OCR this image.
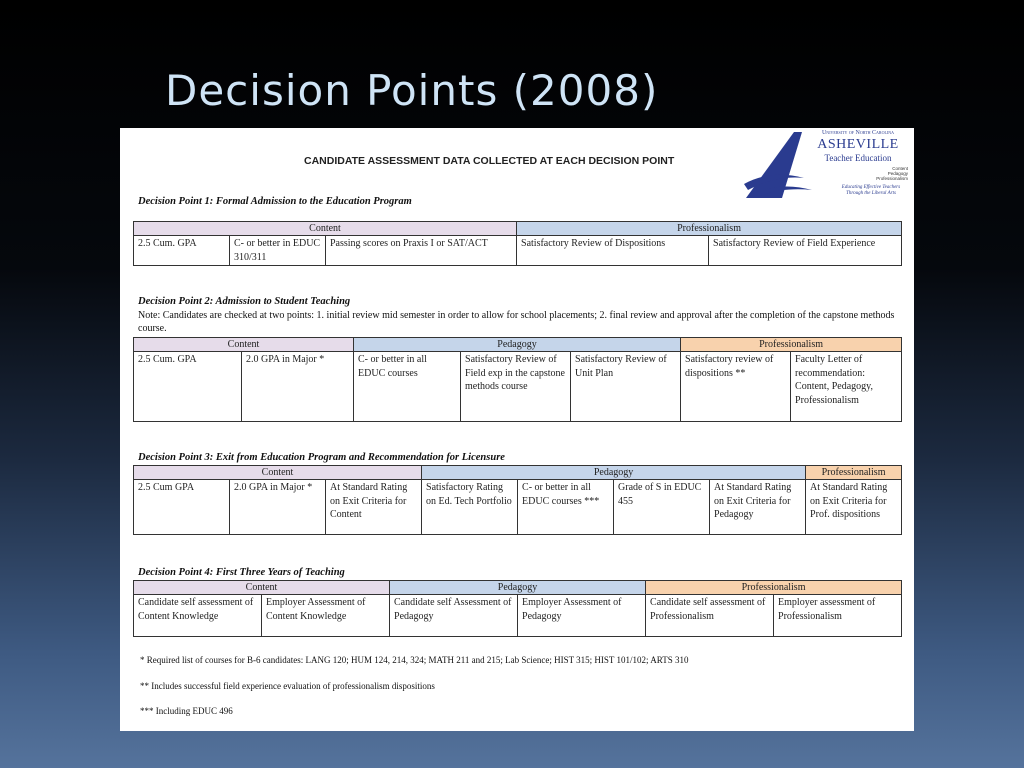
Decision Points (2008)
CANDIDATE ASSESSMENT DATA COLLECTED AT EACH DECISION POINT
University of North Carolina
ASHEVILLE
Teacher Education
Content
Pedagogy
Professionalism
Educating Effective Teachers
Through the Liberal Arts
Decision Point 1: Formal Admission to the Education Program
Content			Professionalism	
2.5 Cum. GPA	C- or better in EDUC 310/311	Passing scores on Praxis I or SAT/ACT	Satisfactory Review of Dispositions	Satisfactory Review of Field Experience
Decision Point 2: Admission to Student Teaching
Note: Candidates are checked at two points: 1. initial review mid semester in order to allow for school placements; 2. final review and approval after the completion of the capstone methods course.
Content		Pedagogy			Professionalism	
2.5 Cum. GPA	2.0 GPA in Major *	C- or better in all EDUC courses	Satisfactory Review of Field exp in the capstone methods course	Satisfactory Review of Unit Plan	Satisfactory review of dispositions **	Faculty Letter of recommendation: Content, Pedagogy, Professionalism
Decision Point 3: Exit from Education Program and Recommendation for Licensure
Content			Pedagogy				Professionalism
2.5 Cum GPA	2.0 GPA in Major *	At Standard Rating on Exit Criteria for Content	Satisfactory Rating on Ed. Tech Portfolio	C- or better in all EDUC courses ***	Grade of S in EDUC 455	At Standard Rating on Exit Criteria for Pedagogy	At Standard Rating on Exit Criteria for Prof. dispositions
Decision Point 4: First Three Years of Teaching
Content		Pedagogy		Professionalism	
Candidate self assessment of Content Knowledge	Employer Assessment of Content Knowledge	Candidate self Assessment of Pedagogy	Employer Assessment of Pedagogy	Candidate self assessment of Professionalism	Employer assessment of Professionalism
* Required list of courses for B-6 candidates: LANG 120; HUM 124, 214, 324; MATH 211 and 215; Lab Science; HIST 315; HIST 101/102; ARTS 310
** Includes successful field experience evaluation of professionalism dispositions
*** Including EDUC 496
